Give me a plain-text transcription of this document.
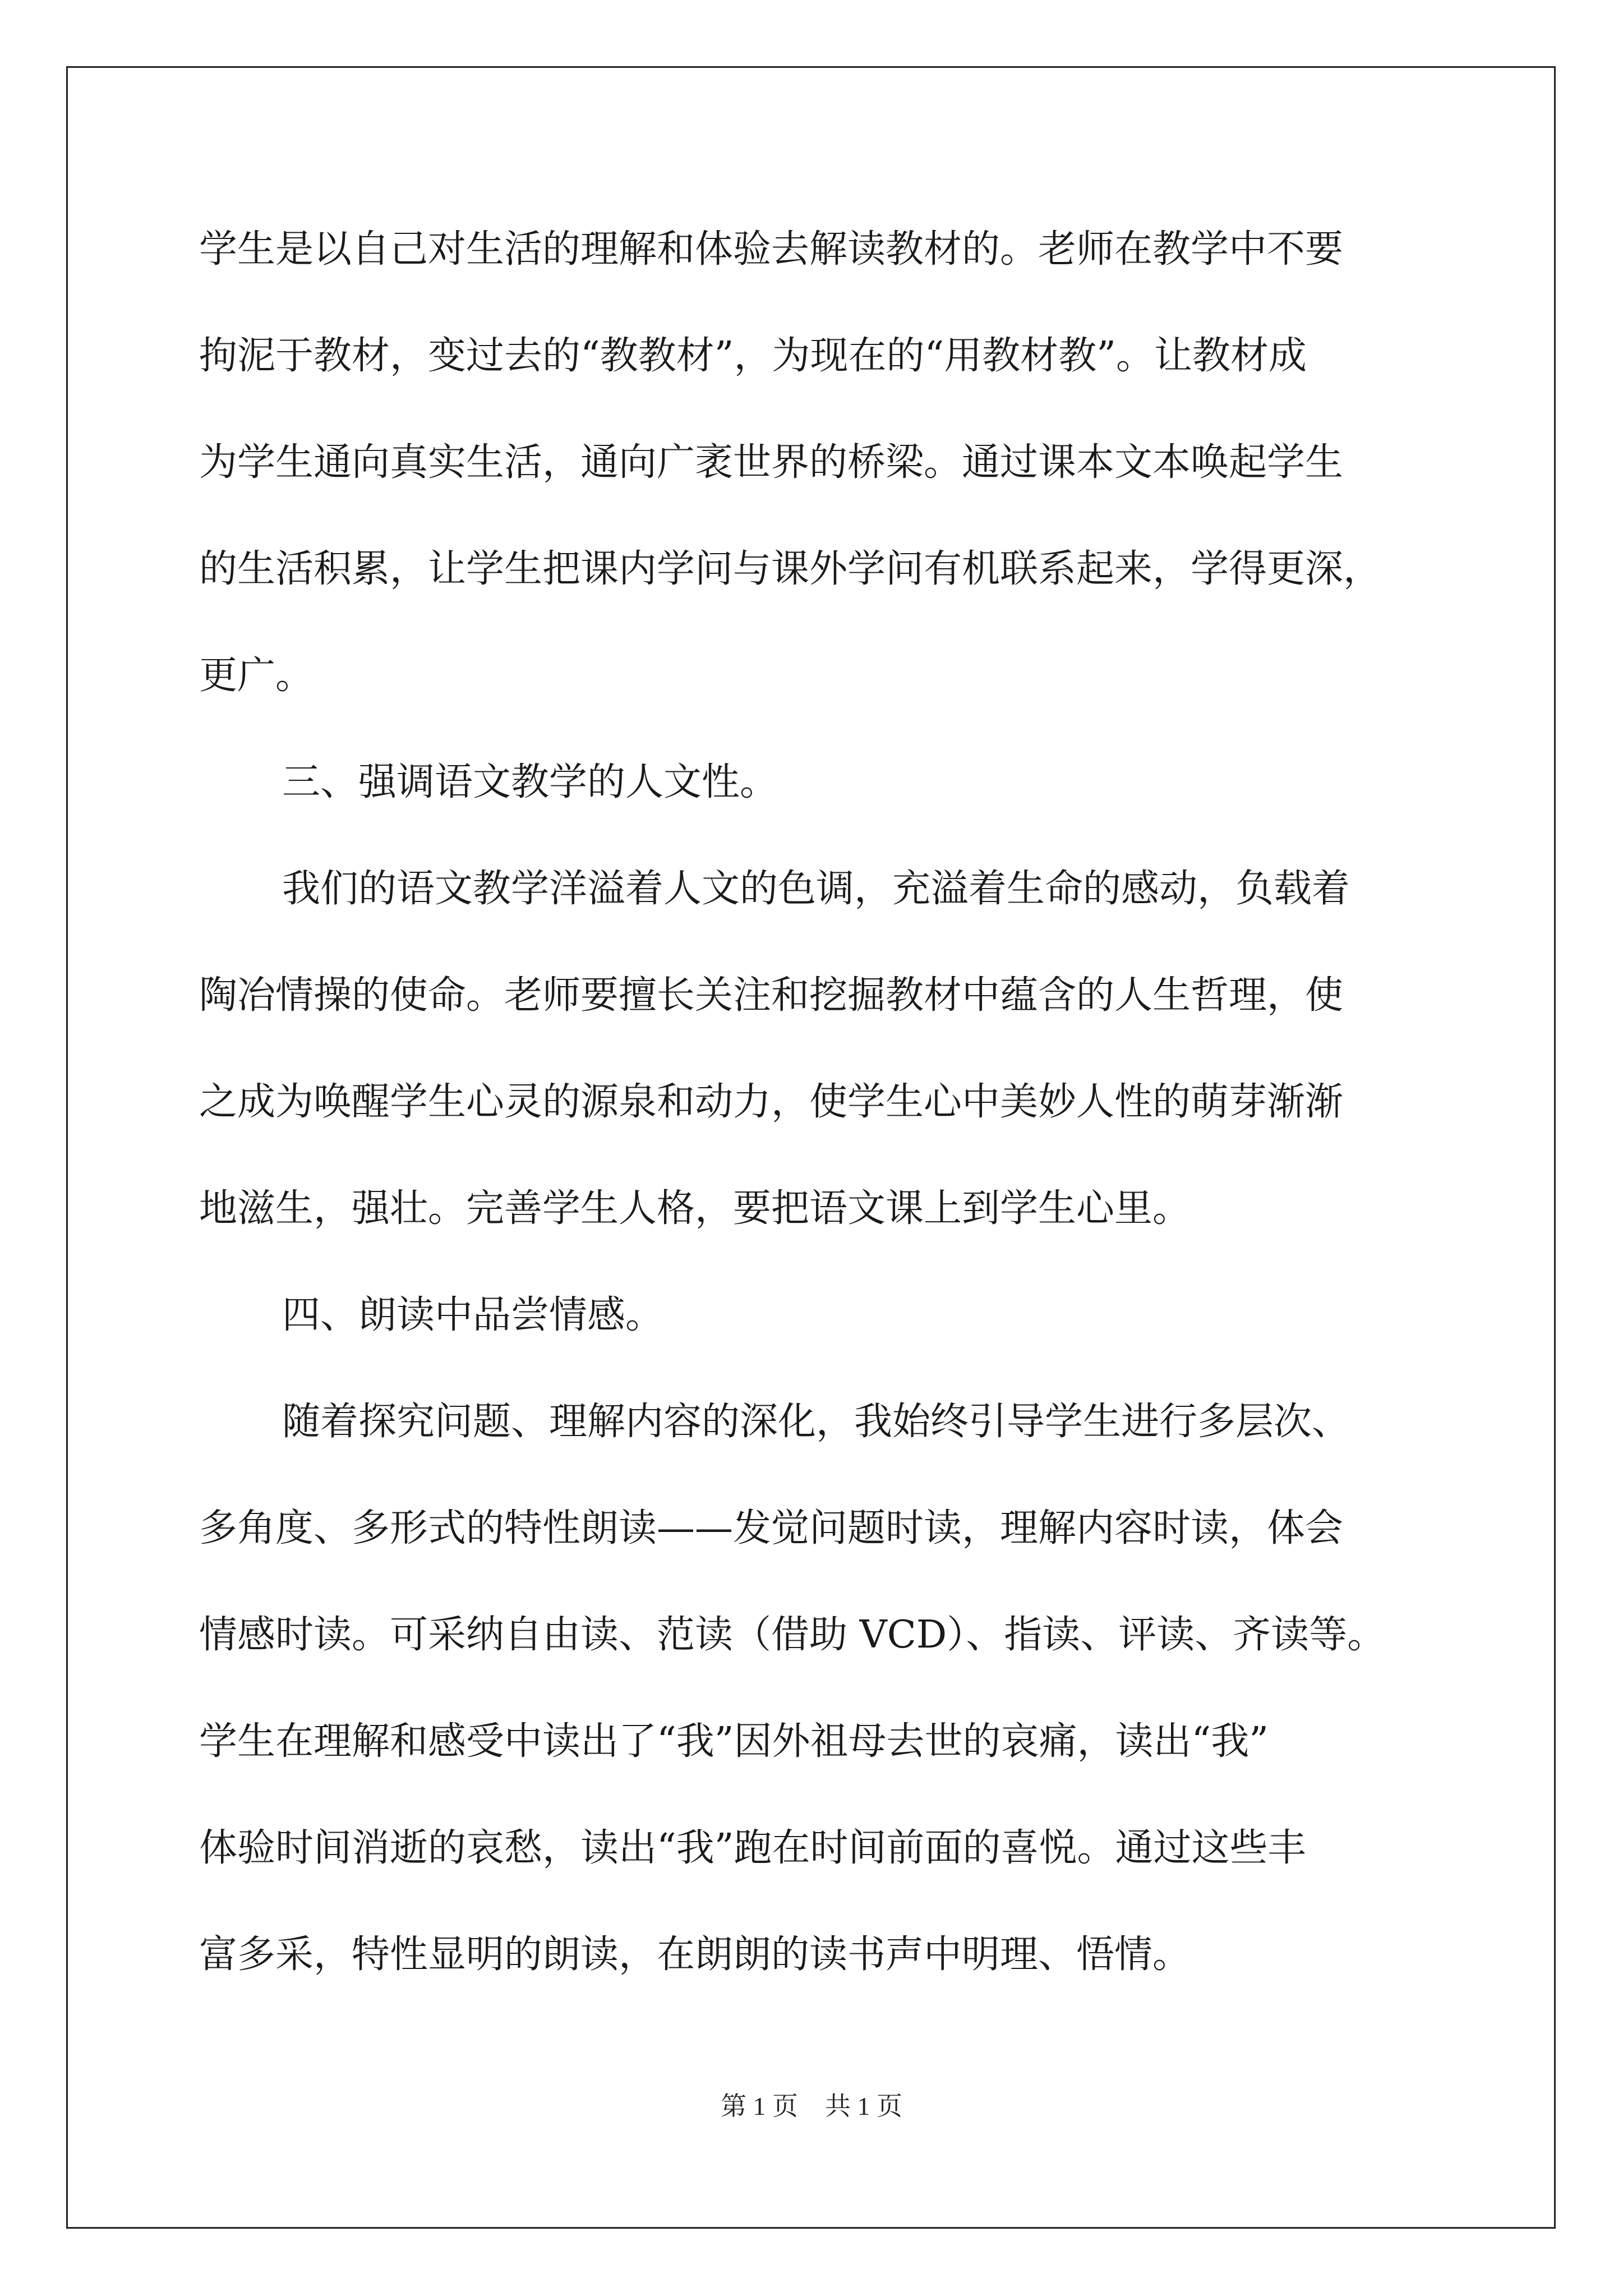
学生是以自己对生活的理解和体验去解读教材的。老师在教学中不要
拘泥于教材，变过去的“教教材”，为现在的“用教材教”。让教材成
为学生通向真实生活，通向广袤世界的桥梁。通过课本文本唤起学生
的生活积累，让学生把课内学问与课外学问有机联系起来，学得更深，
更广。
三、强调语文教学的人文性。
我们的语文教学洋溢着人文的色调，充溢着生命的感动，负载着
陶冶情操的使命。老师要擅长关注和挖掘教材中蕴含的人生哲理，使
之成为唤醒学生心灵的源泉和动力，使学生心中美妙人性的萌芽渐渐
地滋生，强壮。完善学生人格，要把语文课上到学生心里。
四、朗读中品尝情感。
随着探究问题、理解内容的深化，我始终引导学生进行多层次、
多角度、多形式的特性朗读——发觉问题时读，理解内容时读，体会
情感时读。可采纳自由读、范读（借助 VCD）、指读、评读、齐读等。
学生在理解和感受中读出了“我”因外祖母去世的哀痛，读出“我”
体验时间消逝的哀愁，读出“我”跑在时间前面的喜悦。通过这些丰
富多采，特性显明的朗读，在朗朗的读书声中明理、悟情。
第 1 页 共 1 页
